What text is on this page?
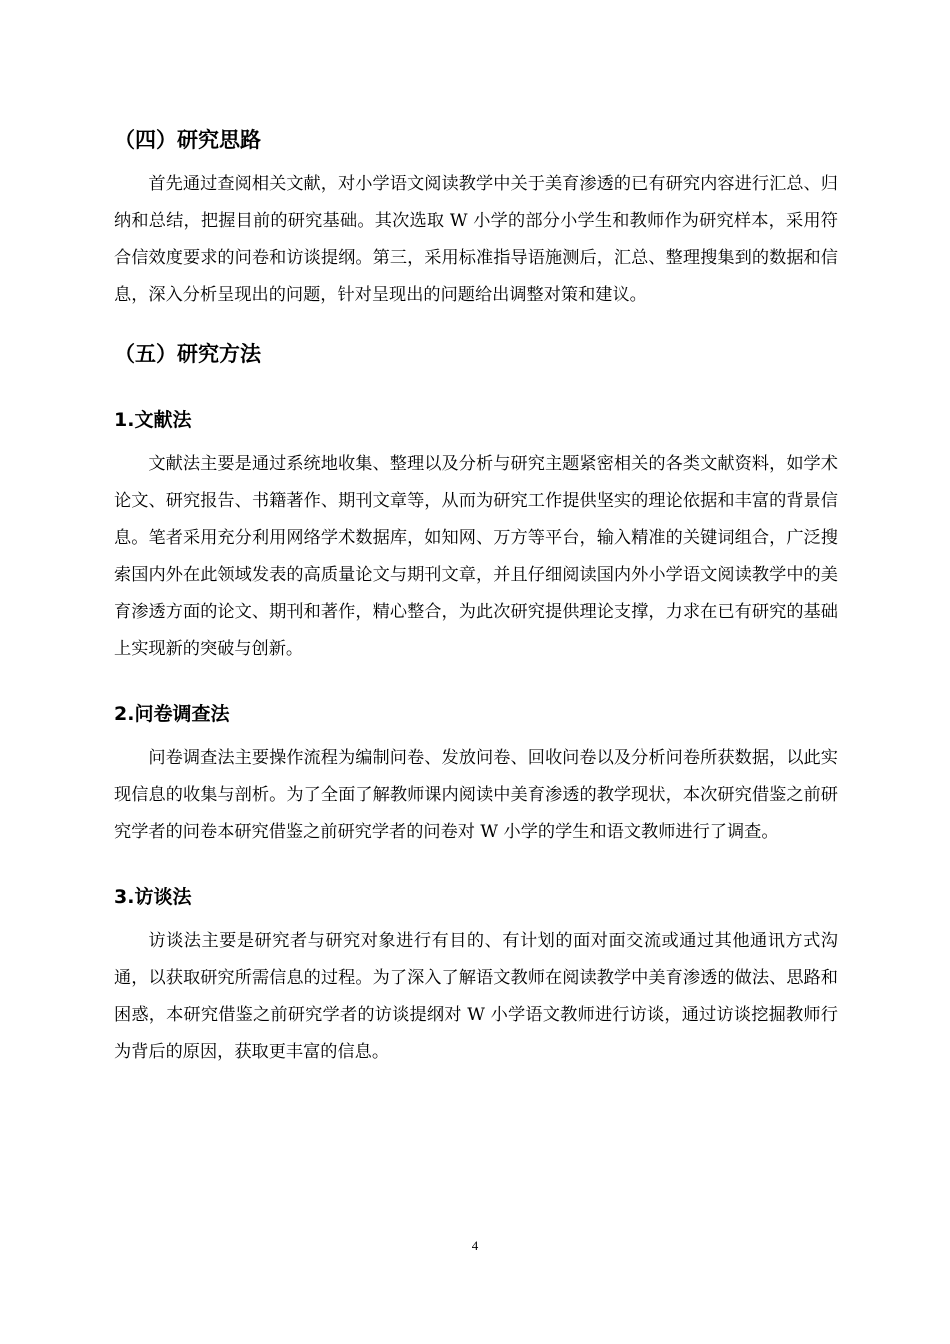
（四）研究思路

首先通过查阅相关文献，对小学语文阅读教学中关于美育渗透的已有研究内容进行汇总、归纳和总结，把握目前的研究基础。其次选取 W 小学的部分小学生和教师作为研究样本，采用符合信效度要求的问卷和访谈提纲。第三，采用标准指导语施测后，汇总、整理搜集到的数据和信息，深入分析呈现出的问题，针对呈现出的问题给出调整对策和建议。

（五）研究方法
1.文献法

文献法主要是通过系统地收集、整理以及分析与研究主题紧密相关的各类文献资料，如学术论文、研究报告、书籍著作、期刊文章等，从而为研究工作提供坚实的理论依据和丰富的背景信息。笔者采用充分利用网络学术数据库，如知网、万方等平台，输入精准的关键词组合，广泛搜索国内外在此领域发表的高质量论文与期刊文章，并且仔细阅读国内外小学语文阅读教学中的美育渗透方面的论文、期刊和著作，精心整合，为此次研究提供理论支撑，力求在已有研究的基础上实现新的突破与创新。

2.问卷调查法

问卷调查法主要操作流程为编制问卷、发放问卷、回收问卷以及分析问卷所获数据，以此实现信息的收集与剖析。为了全面了解教师课内阅读中美育渗透的教学现状，本次研究借鉴之前研究学者的问卷本研究借鉴之前研究学者的问卷对 W 小学的学生和语文教师进行了调查。

3.访谈法

访谈法主要是研究者与研究对象进行有目的、有计划的面对面交流或通过其他通讯方式沟通，以获取研究所需信息的过程。为了深入了解语文教师在阅读教学中美育渗透的做法、思路和困惑，本研究借鉴之前研究学者的访谈提纲对 W 小学语文教师进行访谈，通过访谈挖掘教师行为背后的原因，获取更丰富的信息。

4
